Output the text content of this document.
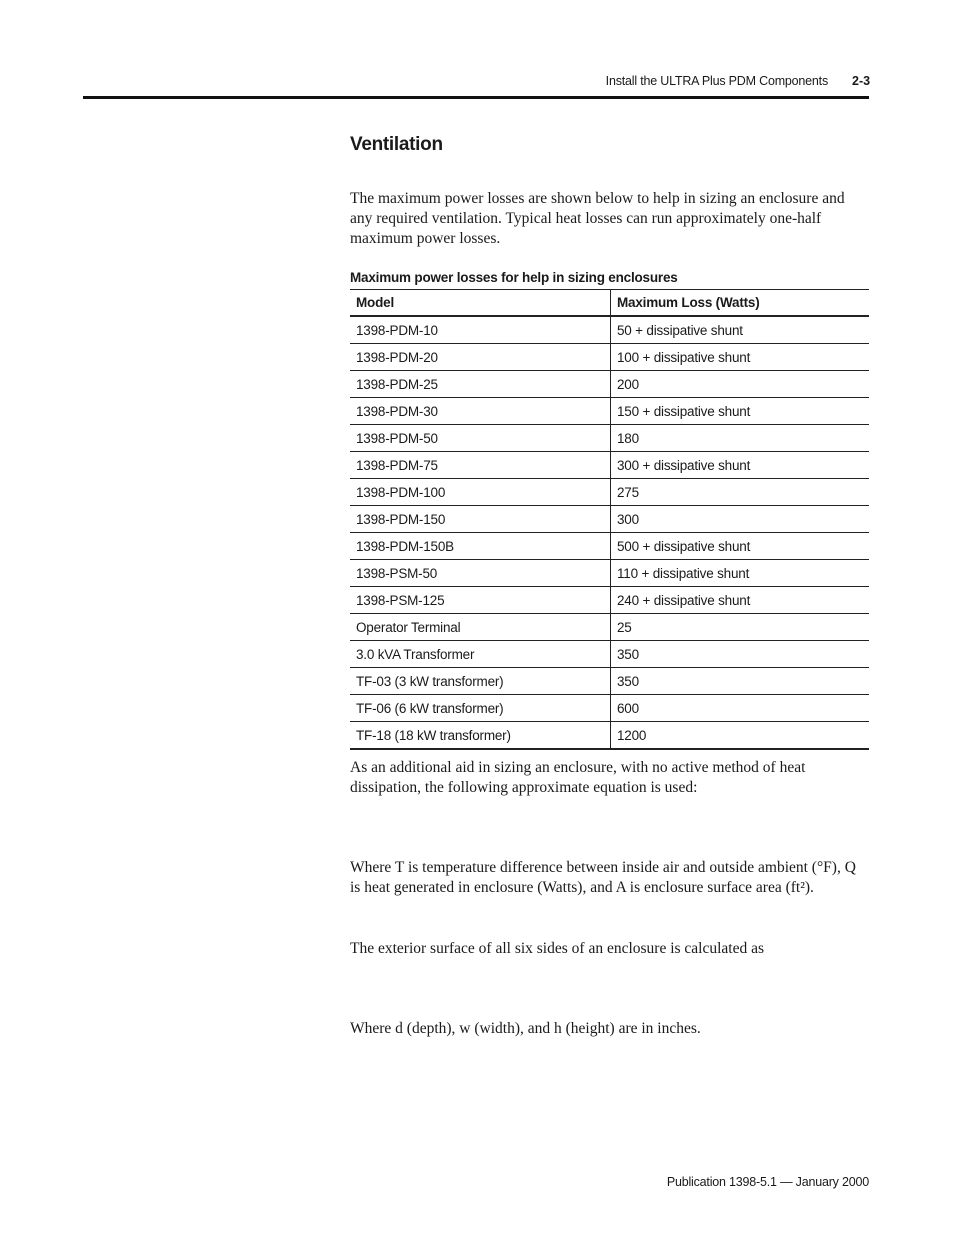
Install the ULTRA Plus PDM Components 2-3
Ventilation

The maximum power losses are shown below to help in sizing an enclosure and any required ventilation. Typical heat losses can run approximately one-half maximum power losses.

Maximum power losses for help in sizing enclosures
Model	Maximum Loss (Watts)
1398-PDM-10	50 + dissipative shunt
1398-PDM-20	100 + dissipative shunt
1398-PDM-25	200
1398-PDM-30	150 + dissipative shunt
1398-PDM-50	180
1398-PDM-75	300 + dissipative shunt
1398-PDM-100	275
1398-PDM-150	300
1398-PDM-150B	500 + dissipative shunt
1398-PSM-50	110 + dissipative shunt
1398-PSM-125	240 + dissipative shunt
Operator Terminal	25
3.0 kVA Transformer	350
TF-03 (3 kW transformer)	350
TF-06 (6 kW transformer)	600
TF-18 (18 kW transformer)	1200

As an additional aid in sizing an enclosure, with no active method of heat dissipation, the following approximate equation is used:

Where T is temperature difference between inside air and outside ambient (°F), Q is heat generated in enclosure (Watts), and A is enclosure surface area (ft²).

The exterior surface of all six sides of an enclosure is calculated as

Where d (depth), w (width), and h (height) are in inches.

Publication 1398-5.1 — January 2000
